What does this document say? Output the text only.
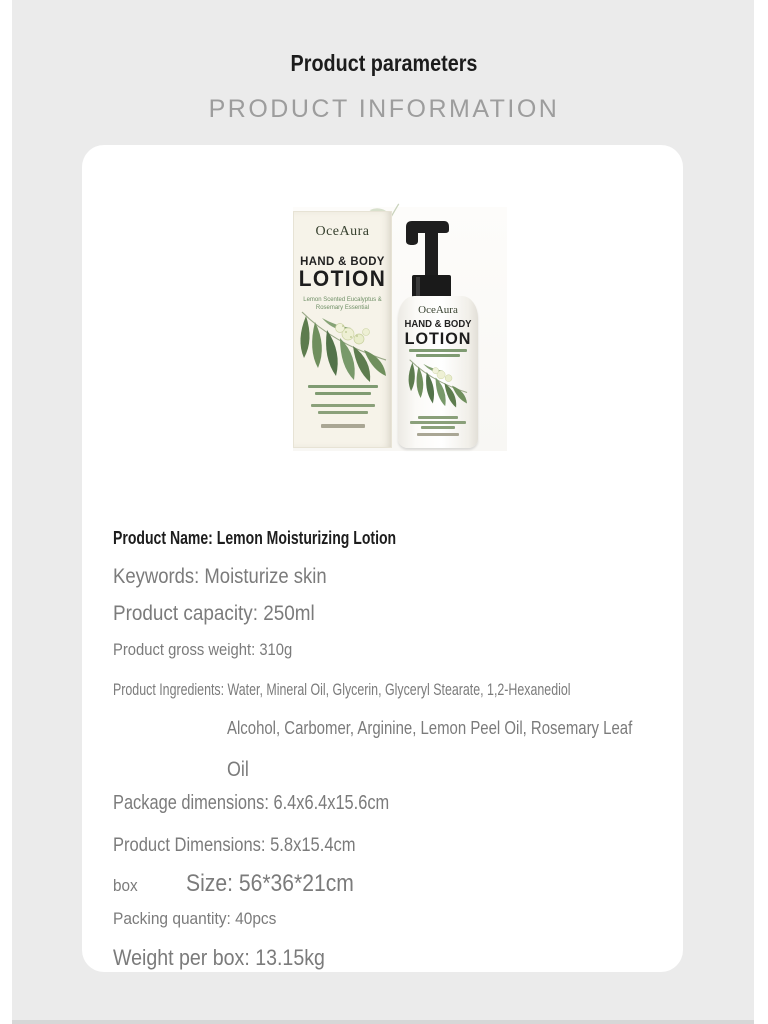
Product parameters
PRODUCT INFORMATION
OceAura
HAND & BODY
LOTION
Lemon Scented Eucalyptus &
Rosemary Essential	OceAura
HAND & BODY
LOTION
Product Name: Lemon Moisturizing Lotion
Keywords: Moisturize skin
Product capacity: 250ml
Product gross weight: 310g
Product Ingredients: Water, Mineral Oil, Glycerin, Glyceryl Stearate, 1,2-Hexanediol
Alcohol, Carbomer, Arginine, Lemon Peel Oil, Rosemary Leaf
Oil
Package dimensions: 6.4x6.4x15.6cm
Product Dimensions: 5.8x15.4cm
box Size: 56*36*21cm
Packing quantity: 40pcs
Weight per box: 13.15kg
